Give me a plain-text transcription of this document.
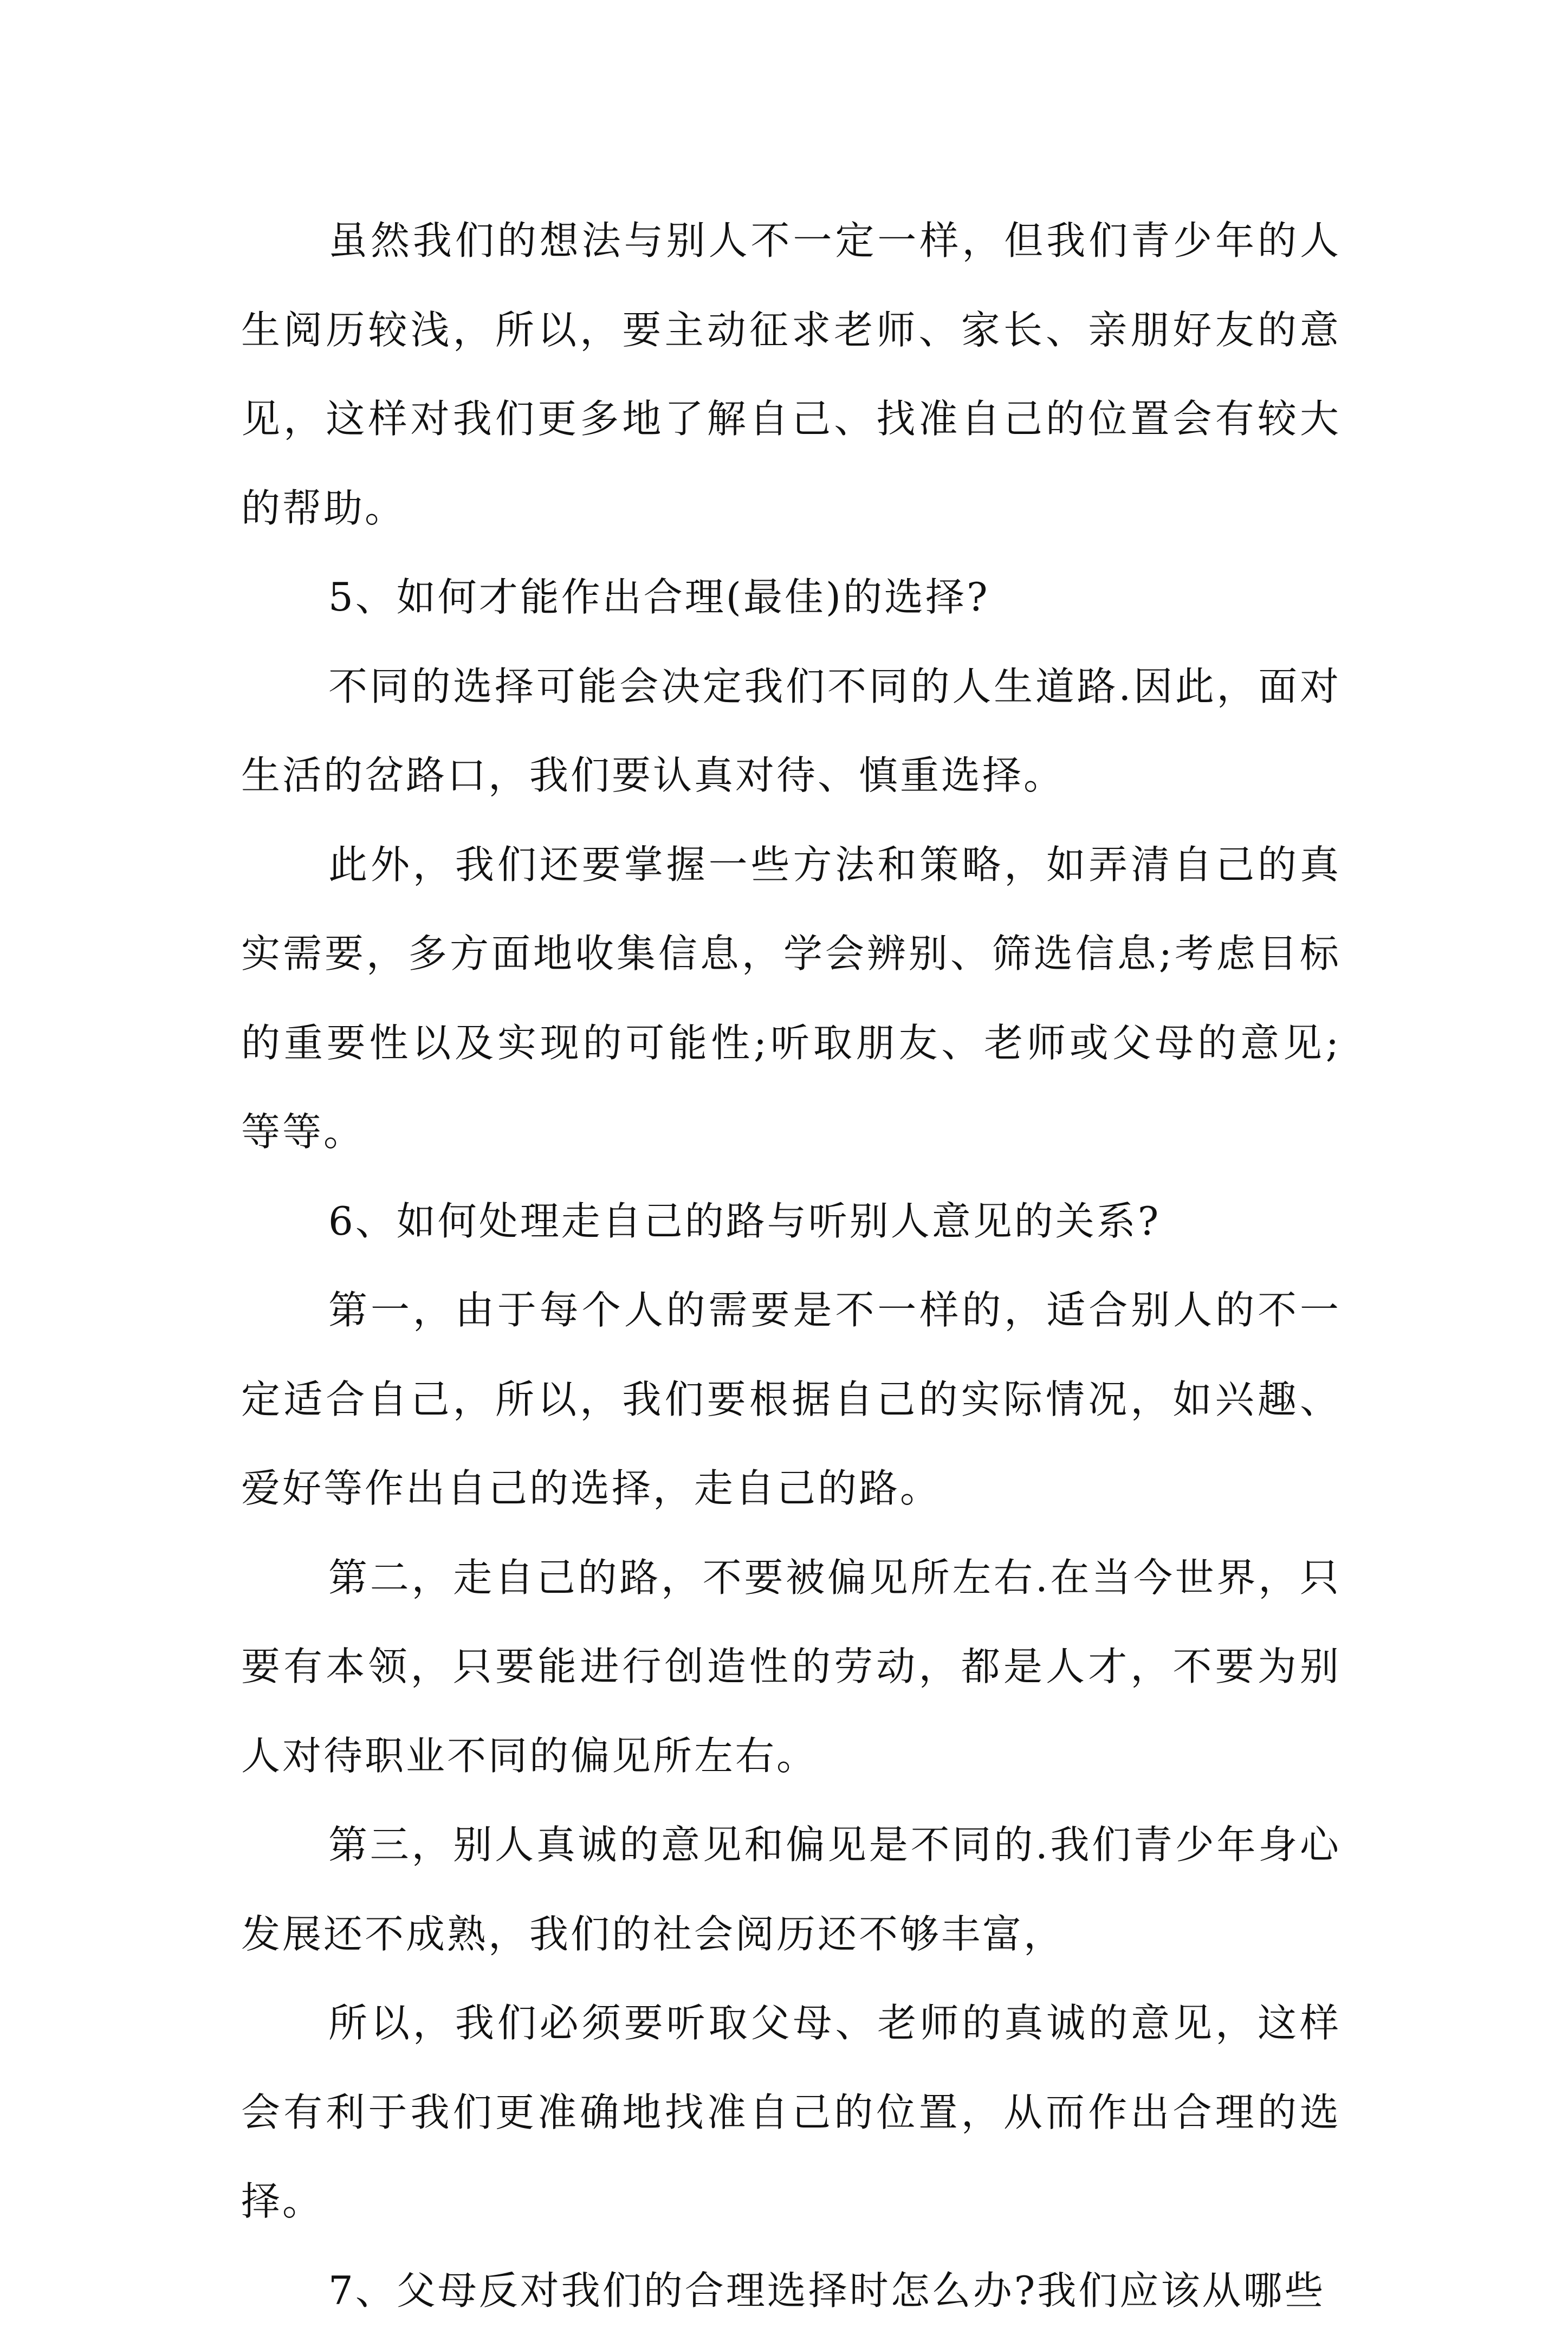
虽然我们的想法与别人不一定一样，但我们青少年的人生阅历较浅，所以，要主动征求老师、家长、亲朋好友的意见，这样对我们更多地了解自己、找准自己的位置会有较大的帮助。

5、如何才能作出合理(最佳)的选择?

不同的选择可能会决定我们不同的人生道路.因此，面对生活的岔路口，我们要认真对待、慎重选择。

此外，我们还要掌握一些方法和策略，如弄清自己的真实需要，多方面地收集信息，学会辨别、筛选信息;考虑目标的重要性以及实现的可能性;听取朋友、老师或父母的意见;等等。

6、如何处理走自己的路与听别人意见的关系?

第一，由于每个人的需要是不一样的，适合别人的不一定适合自己，所以，我们要根据自己的实际情况，如兴趣、爱好等作出自己的选择，走自己的路。

第二，走自己的路，不要被偏见所左右.在当今世界，只要有本领，只要能进行创造性的劳动，都是人才，不要为别人对待职业不同的偏见所左右。

第三，别人真诚的意见和偏见是不同的.我们青少年身心发展还不成熟，我们的社会阅历还不够丰富，

所以，我们必须要听取父母、老师的真诚的意见，这样会有利于我们更准确地找准自己的位置，从而作出合理的选择。

7、父母反对我们的合理选择时怎么办?我们应该从哪些
